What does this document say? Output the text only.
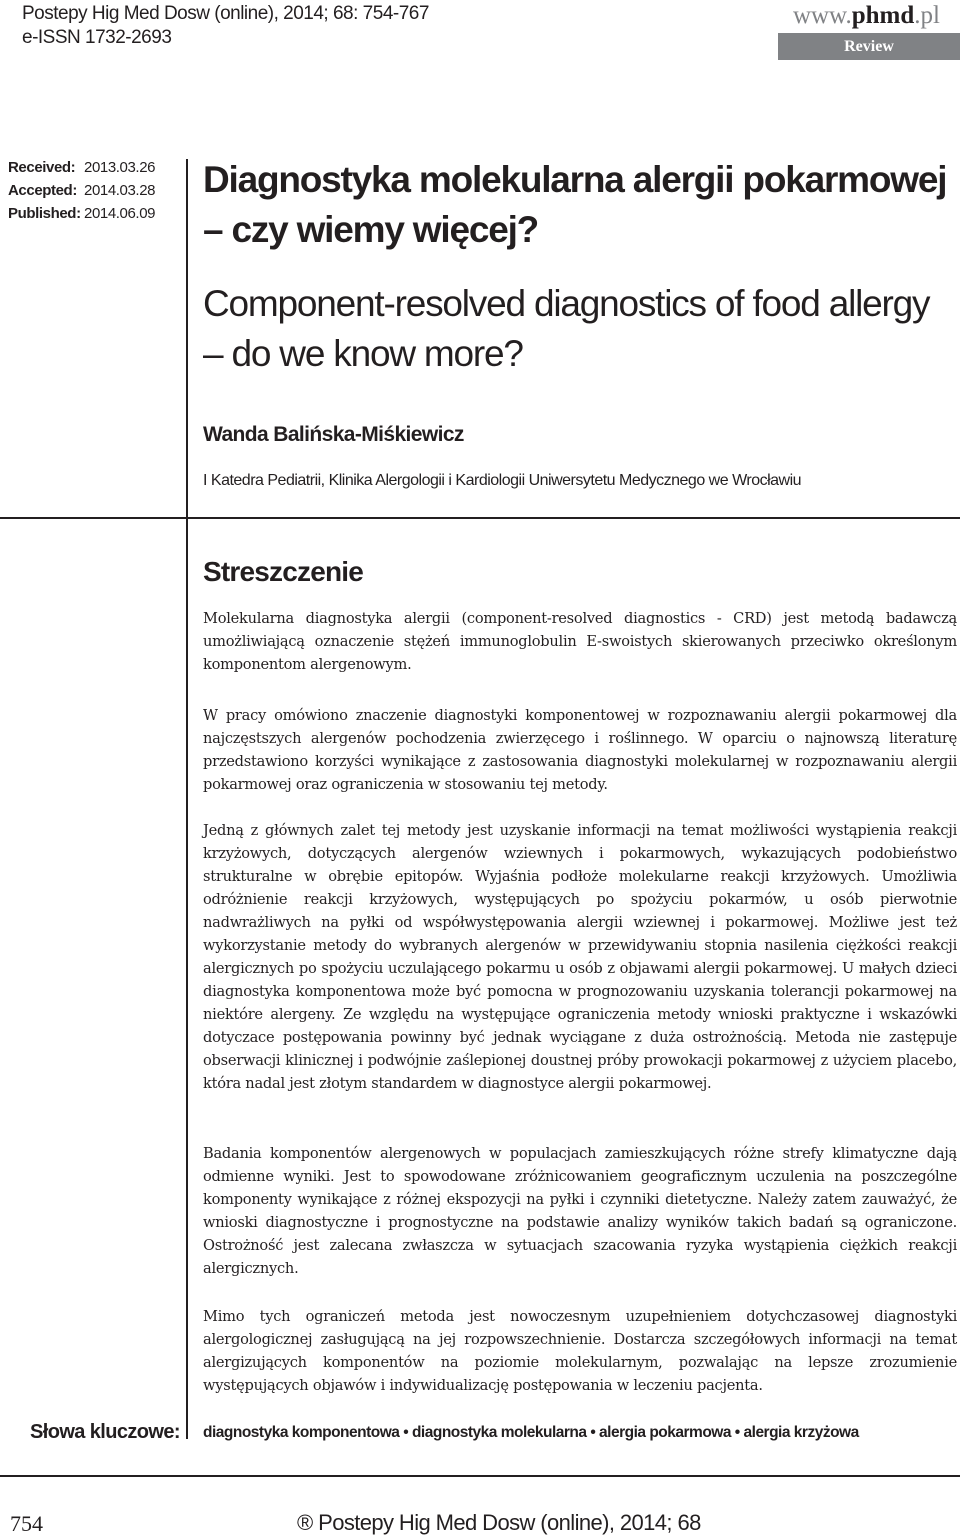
Postepy Hig Med Dosw (online), 2014; 68: 754-767
e-ISSN 1732-2693
www.phmd.pl
Review
Received: 2013.03.26
Accepted: 2014.03.28
Published: 2014.06.09
Diagnostyka molekularna alergii pokarmowej
– czy wiemy więcej?
Component-resolved diagnostics of food allergy
– do we know more?
Wanda Balińska-Miśkiewicz
I Katedra Pediatrii, Klinika Alergologii i Kardiologii Uniwersytetu Medycznego we Wrocławiu
Streszczenie
Molekularna diagnostyka alergii (component-resolved diagnostics - CRD) jest metodą badawczą umożliwiającą oznaczenie stężeń immunoglobulin E-swoistych skierowanych przeciwko określonym komponentom alergenowym.
W pracy omówiono znaczenie diagnostyki komponentowej w rozpoznawaniu alergii pokarmowej dla najczęstszych alergenów pochodzenia zwierzęcego i roślinnego. W oparciu o najnowszą literaturę przedstawiono korzyści wynikające z zastosowania diagnostyki molekularnej w rozpoznawaniu alergii pokarmowej oraz ograniczenia w stosowaniu tej metody.
Jedną z głównych zalet tej metody jest uzyskanie informacji na temat możliwości wystąpienia reakcji krzyżowych, dotyczących alergenów wziewnych i pokarmowych, wykazujących podobieństwo strukturalne w obrębie epitopów. Wyjaśnia podłoże molekularne reakcji krzyżowych. Umożliwia odróżnienie reakcji krzyżowych, występujących po spożyciu pokarmów, u osób pierwotnie nadwrażliwych na pyłki od współwystępowania alergii wziewnej i pokarmowej. Możliwe jest też wykorzystanie metody do wybranych alergenów w przewidywaniu stopnia nasilenia ciężkości reakcji alergicznych po spożyciu uczulającego pokarmu u osób z objawami alergii pokarmowej. U małych dzieci diagnostyka komponentowa może być pomocna w prognozowaniu uzyskania tolerancji pokarmowej na niektóre alergeny. Ze względu na występujące ograniczenia metody wnioski praktyczne i wskazówki dotyczace postępowania powinny być jednak wyciągane z duża ostrożnością. Metoda nie zastępuje obserwacji klinicznej i podwójnie zaślepionej doustnej próby prowokacji pokarmowej z użyciem placebo, która nadal jest złotym standardem w diagnostyce alergii pokarmowej.
Badania komponentów alergenowych w populacjach zamieszkujących różne strefy klimatyczne dają odmienne wyniki. Jest to spowodowane zróżnicowaniem geograficznym uczulenia na poszczególne komponenty wynikające z różnej ekspozycji na pyłki i czynniki dietetyczne. Należy zatem zauważyć, że wnioski diagnostyczne i prognostyczne na podstawie analizy wyników takich badań są ograniczone. Ostrożność jest zalecana zwłaszcza w sytuacjach szacowania ryzyka wystąpienia ciężkich reakcji alergicznych.
Mimo tych ograniczeń metoda jest nowoczesnym uzupełnieniem dotychczasowej diagnostyki alergologicznej zasługującą na jej rozpowszechnienie. Dostarcza szczegółowych informacji na temat alergizujących komponentów na poziomie molekularnym, pozwalając na lepsze zrozumienie występujących objawów i indywidualizację postępowania w leczeniu pacjenta.
Słowa kluczowe: diagnostyka komponentowa • diagnostyka molekularna • alergia pokarmowa • alergia krzyżowa
754	® Postepy Hig Med Dosw (online), 2014; 68
